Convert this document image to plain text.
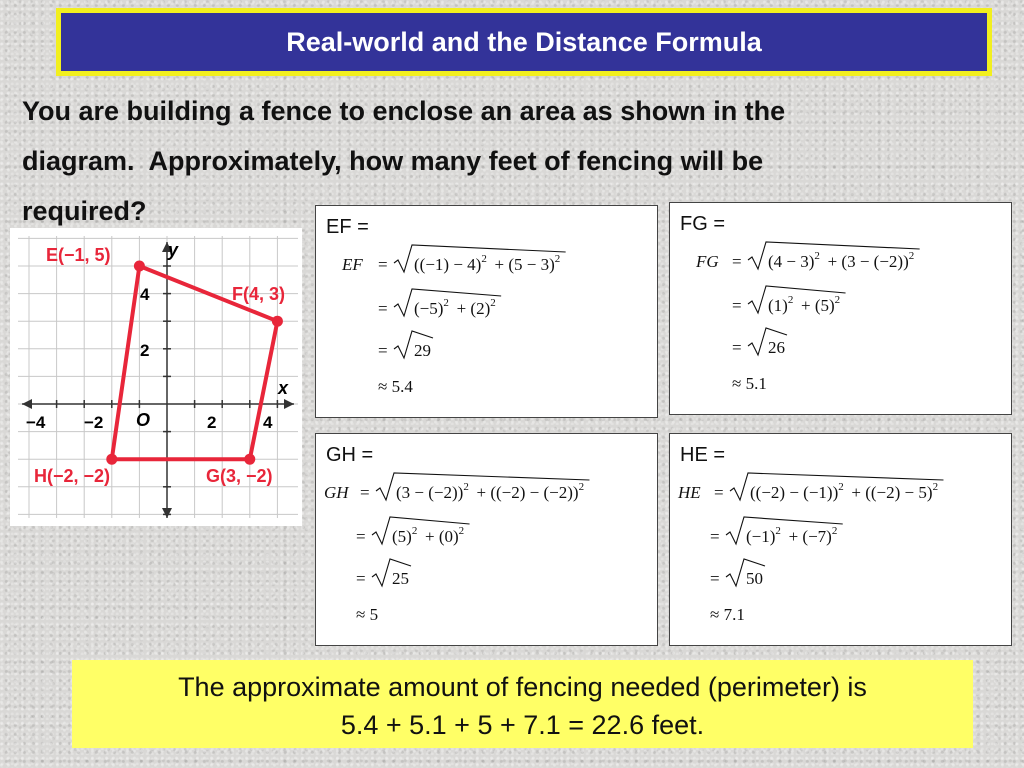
Real-world and the Distance Formula
You are building a fence to enclose an area as shown in the
diagram.  Approximately, how many feet of fencing will be
required?
x
y
O
−4 −2	2	4
4
2
E(−1, 5)
F(4, 3)
H(−2, −2)	G(3, −2)
EF =
EF = $((-1) - 4)^2 + (5 - 3)^2$ 
= $(-5)^2 + (2)^2$ 
= 29
≈ 5.4
FG =
FG = $(4 - 3)^2 + (3 - (-2))^2$ 
= $(1)^2 + (5)^2$ 
= 26
≈ 5.1
GH =
GH = $(3 - (-2))^2 + ((-2) - (-2))^2$ 
= $(5)^2 + (0)^2$ 
= 25
≈ 5
HE =
HE = $((-2) - (-1))^2 + ((-2) - 5)^2$ 
= $(-1)^2 + (-7)^2$ 
= 50
≈ 7.1
The approximate amount of fencing needed (perimeter) is
5.4 + 5.1 + 5 + 7.1 = 22.6 feet.
